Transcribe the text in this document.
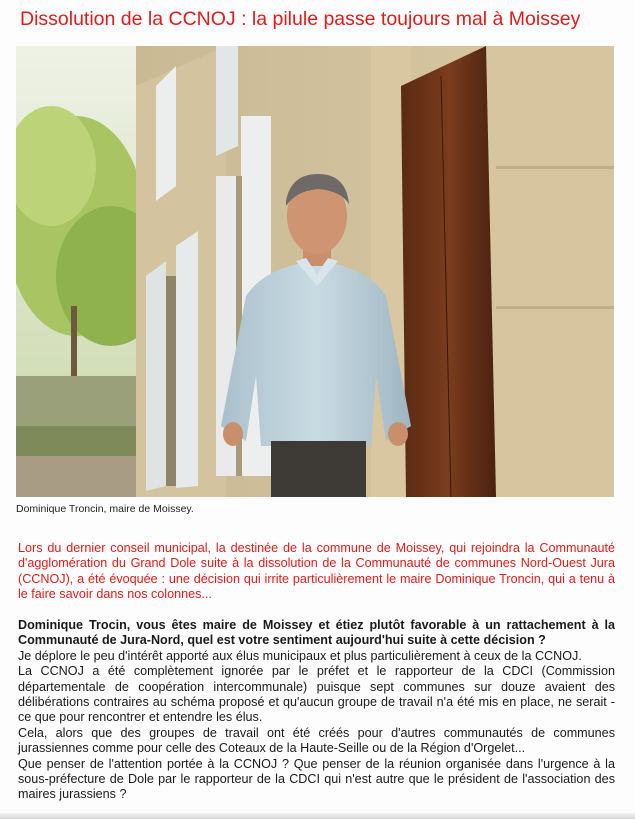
Dissolution de la CCNOJ : la pilule passe toujours mal à Moissey
Dominique Troncin, maire de Moissey.
Lors du dernier conseil municipal, la destinée de la commune de Moissey, qui rejoindra la Communauté d'agglomération du Grand Dole suite à la dissolution de la Communauté de communes Nord-Ouest Jura (CCNOJ), a été évoquée : une décision qui irrite particulièrement le maire Dominique Troncin, qui a tenu à le faire savoir dans nos colonnes...

Dominique Trocin, vous êtes maire de Moissey et étiez plutôt favorable à un rattachement à la Communauté de Jura-Nord, quel est votre sentiment aujourd'hui suite à cette décision ?

Je déplore le peu d'intérêt apporté aux élus municipaux et plus particulièrement à ceux de la CCNOJ.

La CCNOJ a été complètement ignorée par le préfet et le rapporteur de la CDCI (Commission départementale de coopération intercommunale) puisque sept communes sur douze avaient des délibérations contraires au schéma proposé et qu'aucun groupe de travail n'a été mis en place, ne serait -ce que pour rencontrer et entendre les élus.

Cela, alors que des groupes de travail ont été créés pour d'autres communautés de communes jurassiennes comme pour celle des Coteaux de la Haute-Seille ou de la Région d'Orgelet...

Que penser de l'attention portée à la CCNOJ ? Que penser de la réunion organisée dans l'urgence à la sous-préfecture de Dole par le rapporteur de la CDCI qui n'est autre que le président de l'association des maires jurassiens ?
